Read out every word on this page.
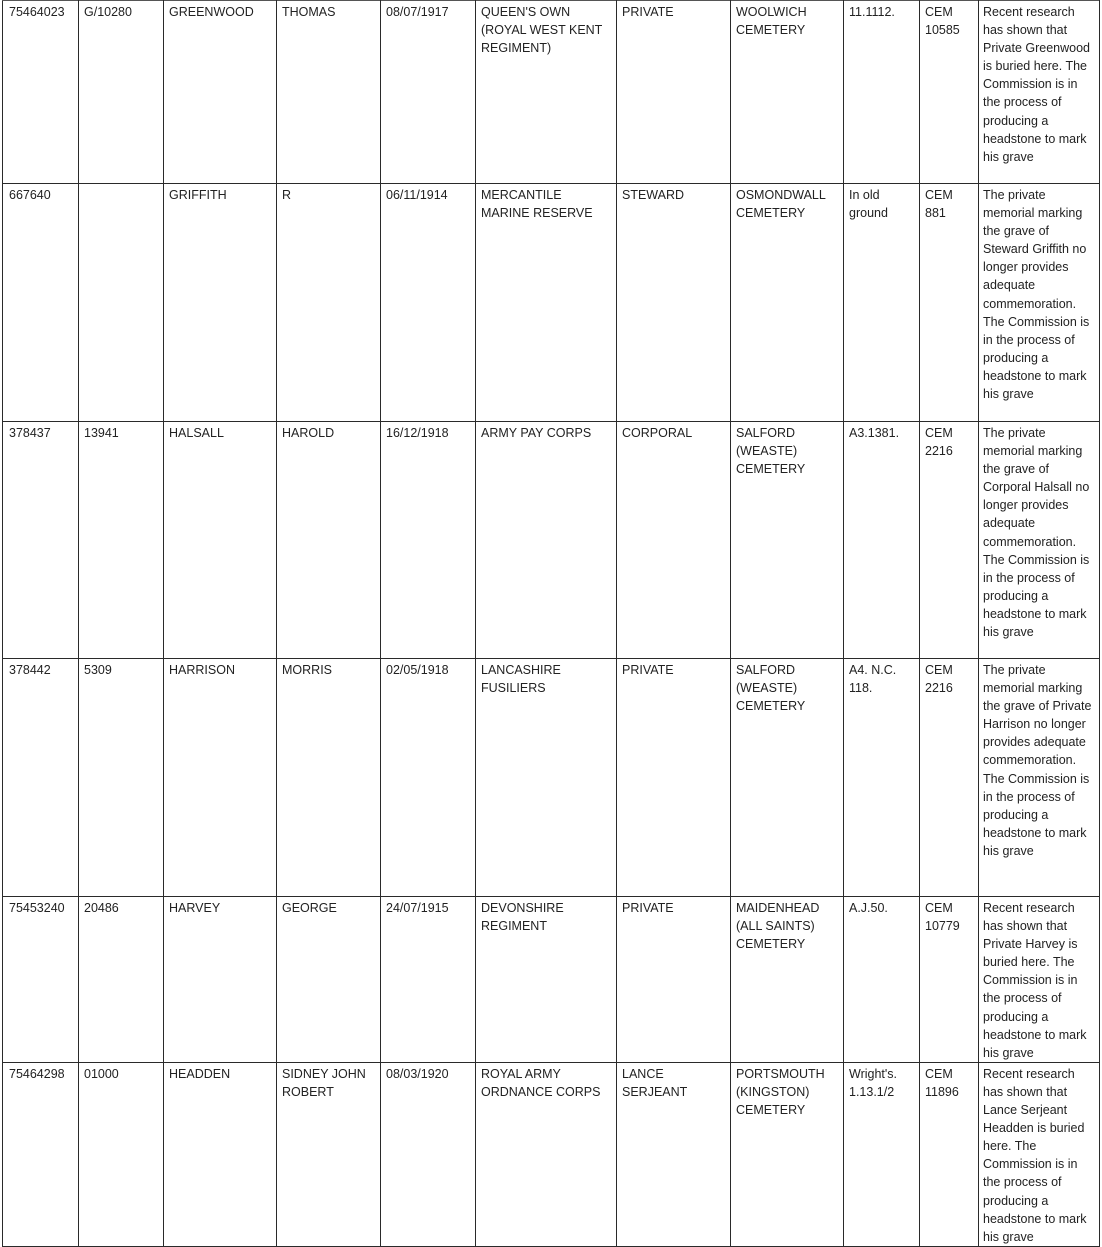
75464023	G/10280	GREENWOOD	THOMAS	08/07/1917	QUEEN'S OWN (ROYAL WEST KENT REGIMENT)	PRIVATE	WOOLWICH CEMETERY	11.1112.	CEM 10585	Recent research has shown that Private Greenwood is buried here. The Commission is in the process of producing a headstone to mark his grave

667640		GRIFFITH	R	06/11/1914	MERCANTILE MARINE RESERVE	STEWARD	OSMONDWALL CEMETERY	In old ground	CEM 881	The private memorial marking the grave of Steward Griffith no longer provides adequate commemoration. The Commission is in the process of producing a headstone to mark his grave

378437	13941	HALSALL	HAROLD	16/12/1918	ARMY PAY CORPS	CORPORAL	SALFORD (WEASTE) CEMETERY	A3.1381.	CEM 2216	The private memorial marking the grave of Corporal Halsall no longer provides adequate commemoration. The Commission is in the process of producing a headstone to mark his grave

378442	5309	HARRISON	MORRIS	02/05/1918	LANCASHIRE FUSILIERS	PRIVATE	SALFORD (WEASTE) CEMETERY	A4. N.C. 118.	CEM 2216	The private memorial marking the grave of Private Harrison no longer provides adequate commemoration. The Commission is in the process of producing a headstone to mark his grave

75453240	20486	HARVEY	GEORGE	24/07/1915	DEVONSHIRE REGIMENT	PRIVATE	MAIDENHEAD (ALL SAINTS) CEMETERY	A.J.50.	CEM 10779	Recent research has shown that Private Harvey is buried here. The Commission is in the process of producing a headstone to mark his grave

75464298	01000	HEADDEN	SIDNEY JOHN ROBERT	08/03/1920	ROYAL ARMY ORDNANCE CORPS	LANCE SERJEANT	PORTSMOUTH (KINGSTON) CEMETERY	Wright's. 1.13.1/2	CEM 11896	Recent research has shown that Lance Serjeant Headden is buried here. The Commission is in the process of producing a headstone to mark his grave
